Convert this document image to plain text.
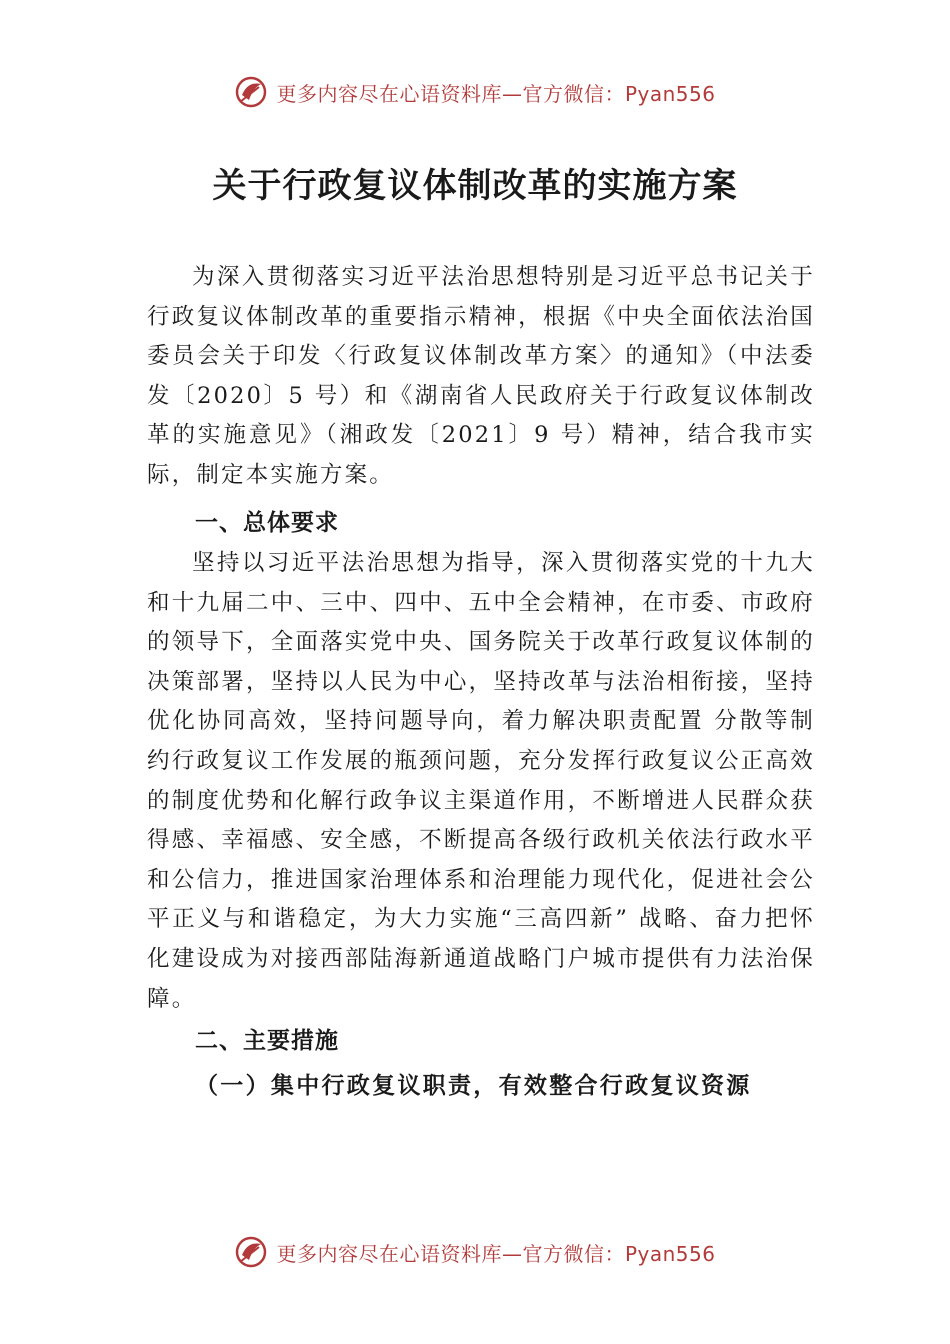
更多内容尽在心语资料库—官方微信：Pyan556
关于行政复议体制改革的实施方案

为深入贯彻落实习近平法治思想特别是习近平总书记关于行政复议体制改革的重要指示精神，根据《中央全面依法治国委员会关于印发〈行政复议体制改革方案〉的通知》（中法委发〔2020〕5 号）和《湖南省人民政府关于行政复议体制改革的实施意见》（湘政发〔2021〕9 号）精神，结合我市实际，制定本实施方案。

一、总体要求

坚持以习近平法治思想为指导，深入贯彻落实党的十九大和十九届二中、三中、四中、五中全会精神，在市委、市政府的领导下，全面落实党中央、国务院关于改革行政复议体制的决策部署，坚持以人民为中心，坚持改革与法治相衔接，坚持优化协同高效，坚持问题导向，着力解决职责配置 分散等制约行政复议工作发展的瓶颈问题，充分发挥行政复议公正高效的制度优势和化解行政争议主渠道作用，不断增进人民群众获得感、幸福感、安全感，不断提高各级行政机关依法行政水平和公信力，推进国家治理体系和治理能力现代化，促进社会公平正义与和谐稳定，为大力实施“三高四新” 战略、奋力把怀化建设成为对接西部陆海新通道战略门户城市提供有力法治保障。

二、主要措施
（一）集中行政复议职责，有效整合行政复议资源
更多内容尽在心语资料库—官方微信：Pyan556
